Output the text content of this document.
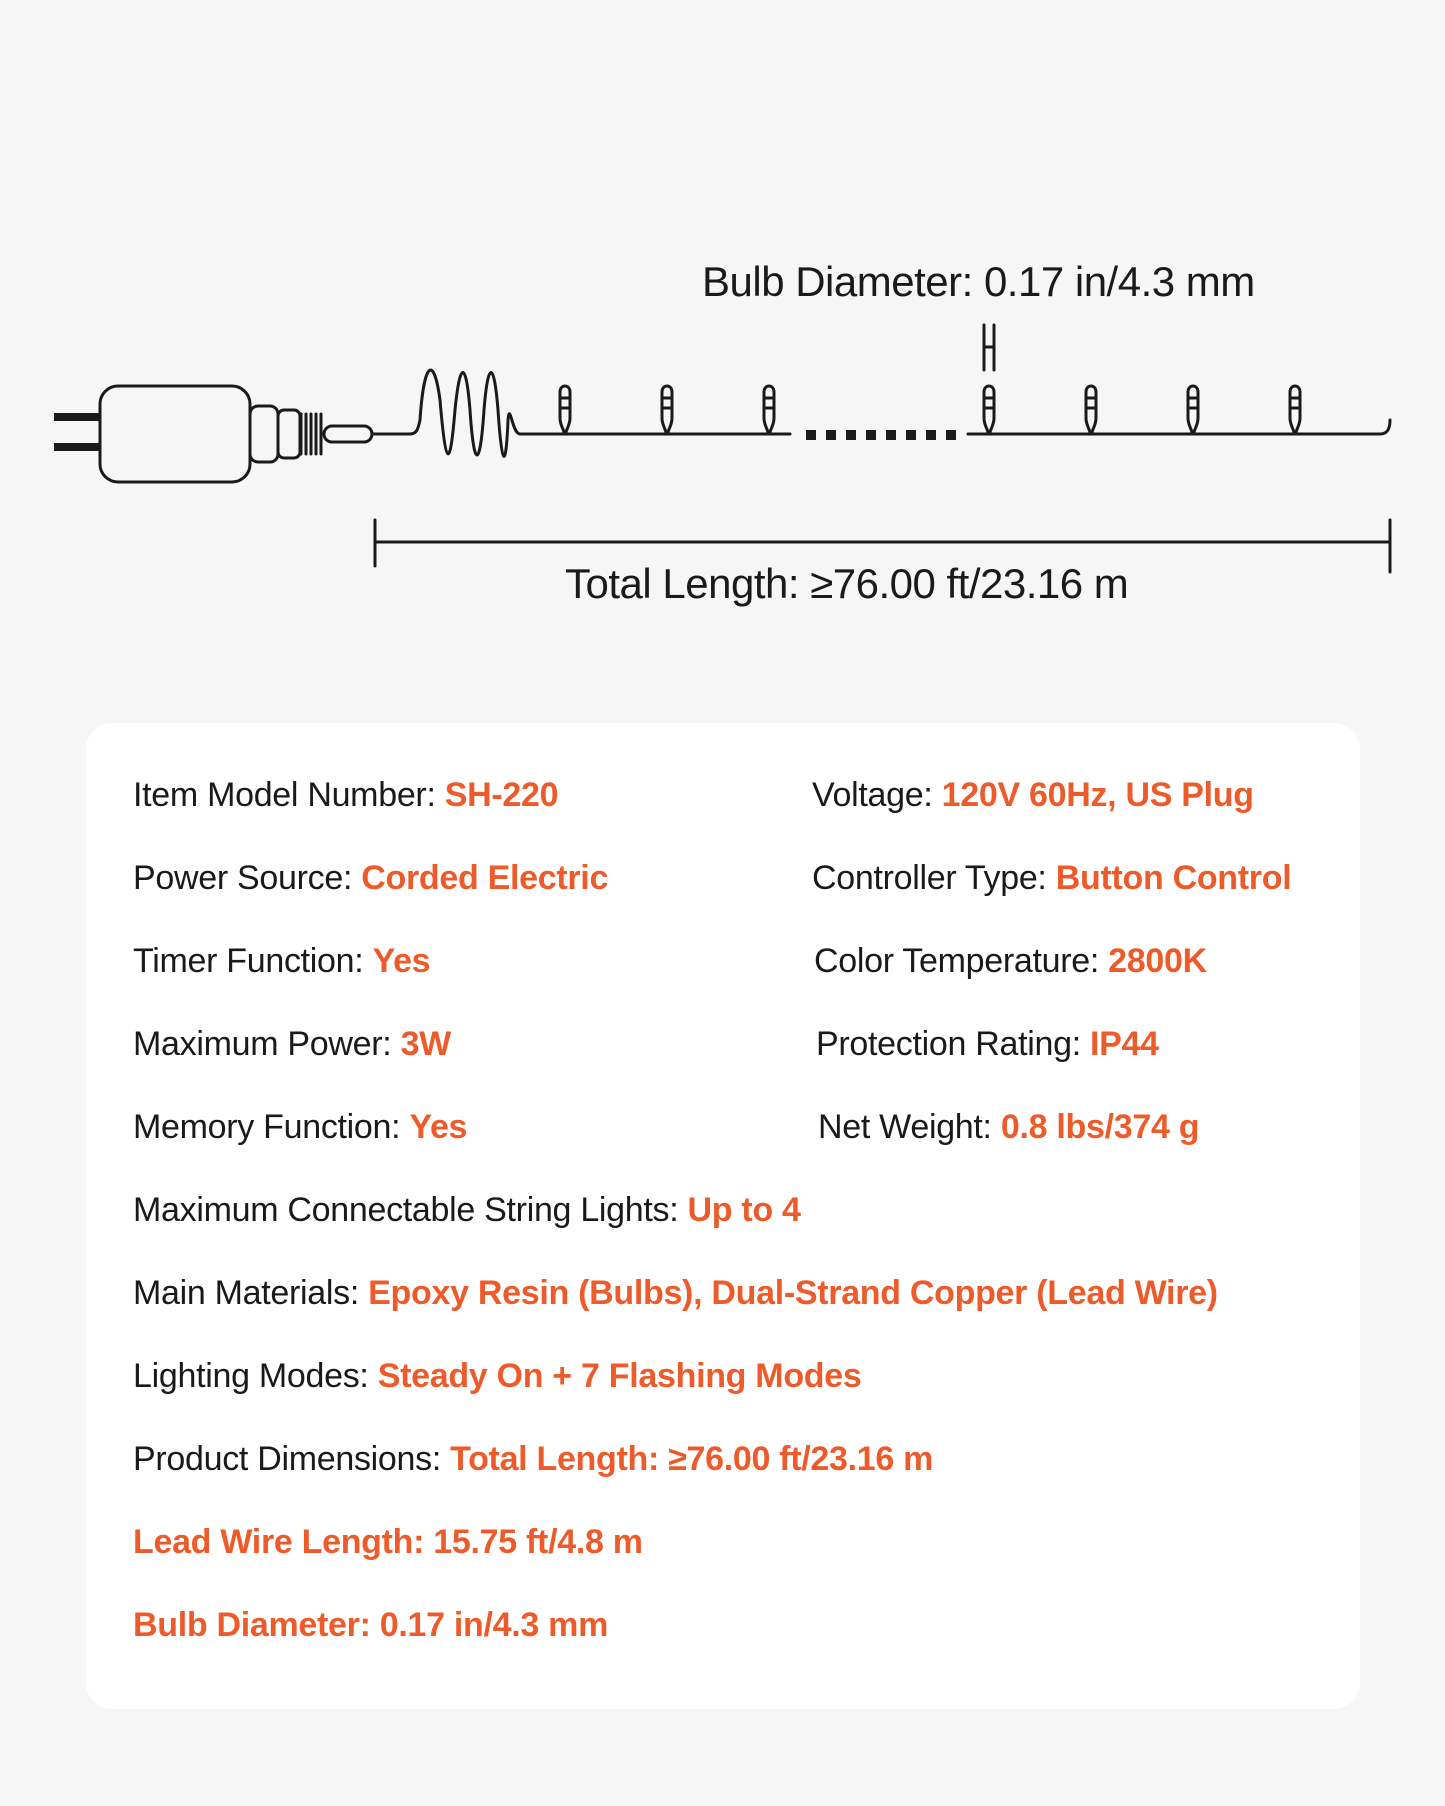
Bulb Diameter: 0.17 in/4.3 mm
Total Length: ≥76.00 ft/23.16 m
Item Model Number: SH-220
Power Source: Corded Electric
Timer Function: Yes
Maximum Power: 3W
Memory Function: Yes
Voltage: 120V 60Hz, US Plug
Controller Type: Button Control
Color Temperature: 2800K
Protection Rating: IP44
Net Weight: 0.8 lbs/374 g
Maximum Connectable String Lights: Up to 4
Main Materials: Epoxy Resin (Bulbs), Dual-Strand Copper (Lead Wire)
Lighting Modes: Steady On + 7 Flashing Modes
Product Dimensions: Total Length: ≥76.00 ft/23.16 m
Lead Wire Length: 15.75 ft/4.8 m
Bulb Diameter: 0.17 in/4.3 mm
